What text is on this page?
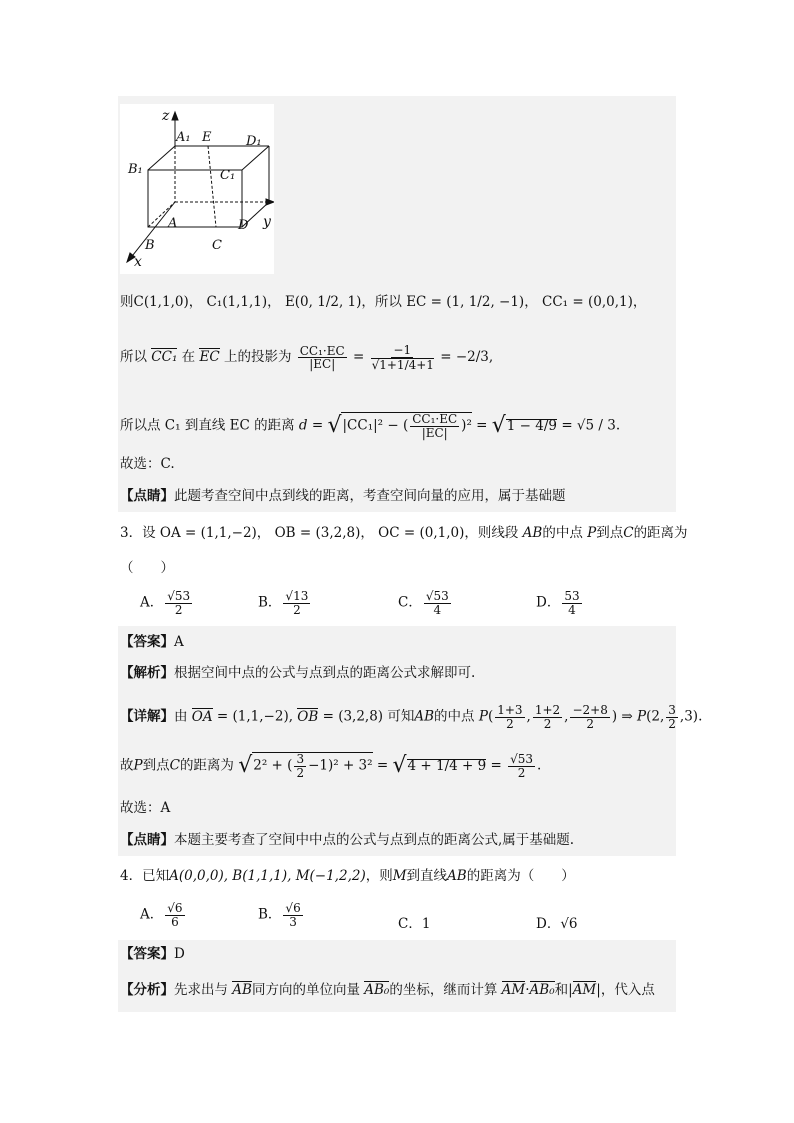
z
A₁ E	D₁
B₁	C₁
A	D y
B	C
x
则C(1,1,0)， C₁(1,1,1)， E(0, 1/2, 1)，所以 EC = (1, 1/2, −1)， CC₁ = (0,0,1)，
所以 CC₁ 在 EC 上的投影为 $\frac{\text{CC₁·EC}}{|EC|} = \frac{-1}{√1+1/4+1} = -2/3$,
所以点 C₁ 到直线 EC 的距离 d = √|CC₁|² − ( $\frac{\text{CC₁·EC}}{|EC|} )^2 = √1 - 4/9 = √5 / 3$.
故选：C.
【点睛】此题考查空间中点到线的距离，考查空间向量的应用，属于基础题
3．设 OA = (1,1,−2)， OB = (3,2,8)， OC = (0,1,0)，则线段 AB的中点 P到点C的距离为
（　　）
A． $\frac{√53}{2}$	B． $\frac{√13}{2}$	C． $\frac{√53}{4}$	D． $\frac{53}{4}$
【答案】A
【解析】根据空间中点的公式与点到点的距离公式求解即可.
【详解】由 OA = (1,1,−2), OB = (3,2,8) 可知AB的中点 $P( \frac{1+3}{2}$ , $\frac{1+2}{2}$ , $\frac{-2+8}{2}$ ) ⇒ P(2, $\frac{3}{2} ,3$).
故P到点C的距离为 √2² + ( $\frac{3}{2} -1)^2 + 3^2 = √4 + 1/4 + 9 = \frac{√53}{2}$ .
故选：A
【点睛】本题主要考查了空间中中点的公式与点到点的距离公式,属于基础题.
4．已知A(0,0,0), B(1,1,1), M(−1,2,2)，则M到直线AB的距离为（　　）
A． $\frac{√6}{6}$	B． $\frac{√6}{3}$	C．1	D．√6
【答案】D
【分析】先求出与 AB同方向的单位向量 AB₀的坐标，继而计算 AM·AB₀和|AM|，代入点
